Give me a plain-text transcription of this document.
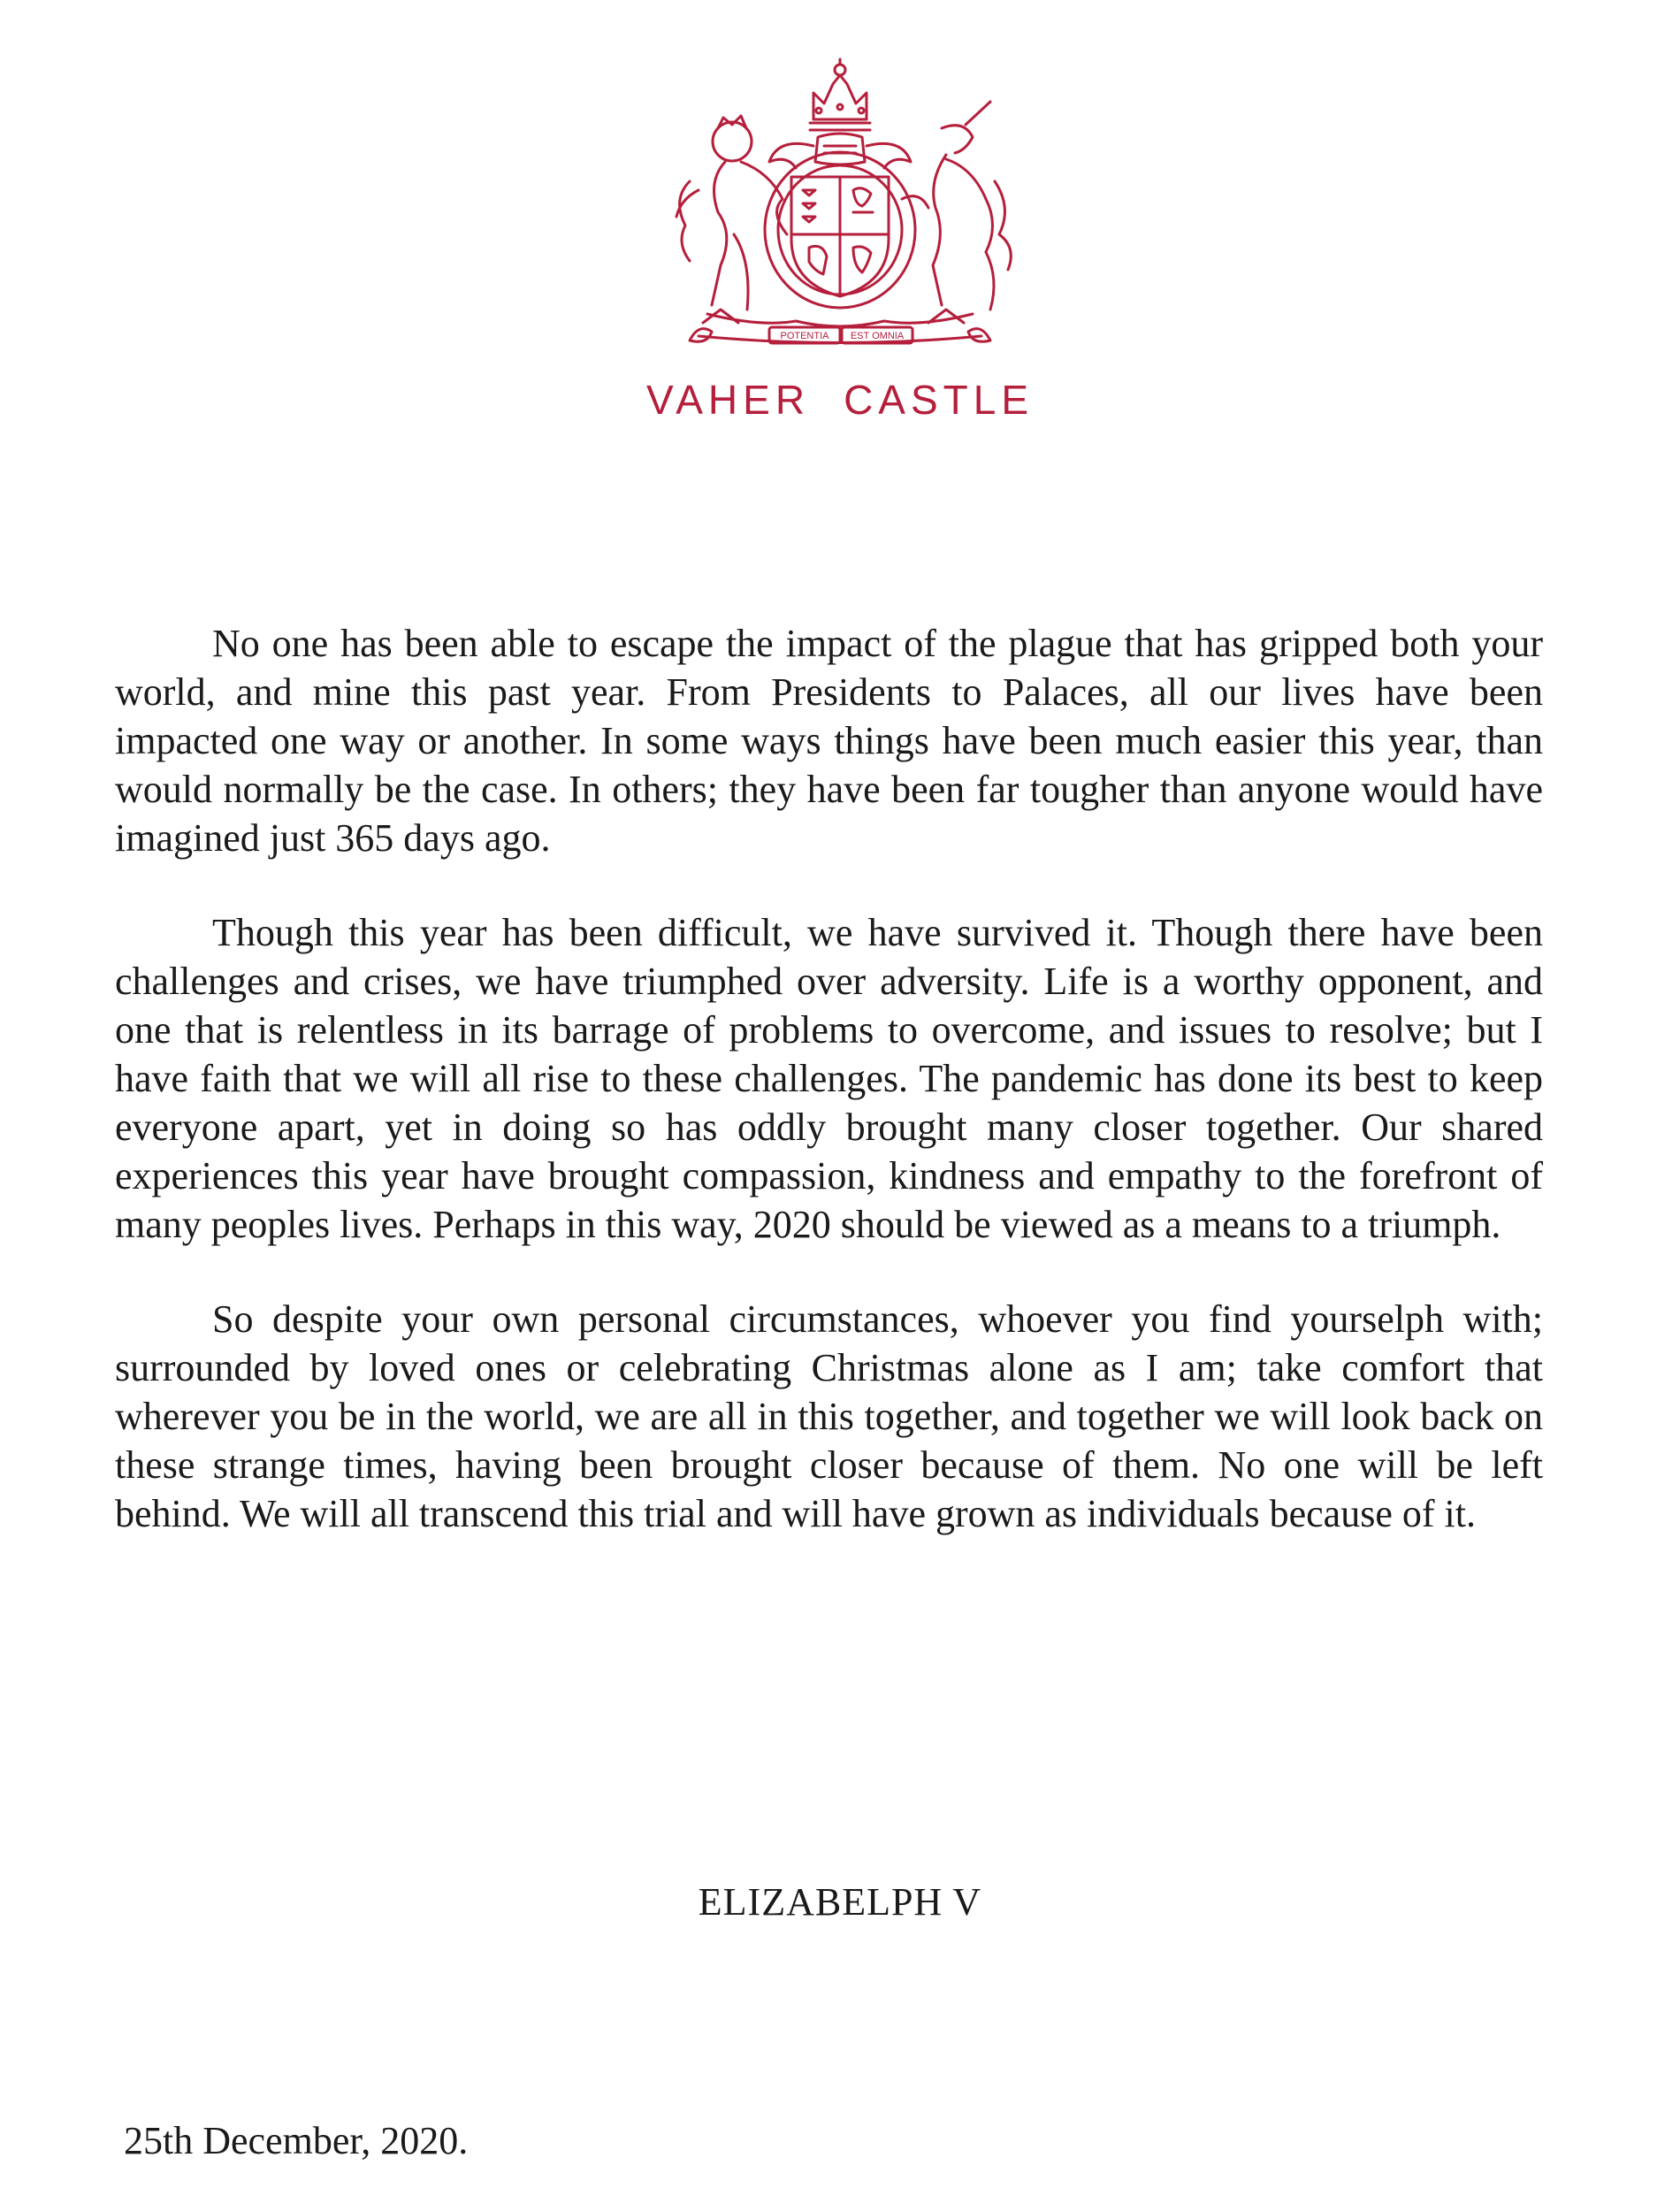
POTENTIA EST OMNIA
VAHER CASTLE

No one has been able to escape the impact of the plague that has gripped both your world, and mine this past year. From Presidents to Palaces, all our lives have been impacted one way or another. In some ways things have been much easier this year, than would normally be the case. In others; they have been far tougher than anyone would have imagined just 365 days ago.

Though this year has been difficult, we have survived it. Though there have been challenges and crises, we have triumphed over adversity. Life is a worthy opponent, and one that is relentless in its barrage of problems to overcome, and issues to resolve; but I have faith that we will all rise to these challenges. The pandemic has done its best to keep everyone apart, yet in doing so has oddly brought many closer together. Our shared experiences this year have brought compassion, kindness and empathy to the forefront of many peoples lives. Perhaps in this way, 2020 should be viewed as a means to a triumph.

So despite your own personal circumstances, whoever you find yourselph with; surrounded by loved ones or celebrating Christmas alone as I am; take comfort that wherever you be in the world, we are all in this together, and together we will look back on these strange times, having been brought closer because of them. No one will be left behind. We will all transcend this trial and will have grown as individuals because of it.

ELIZABELPH V
25th December, 2020.
